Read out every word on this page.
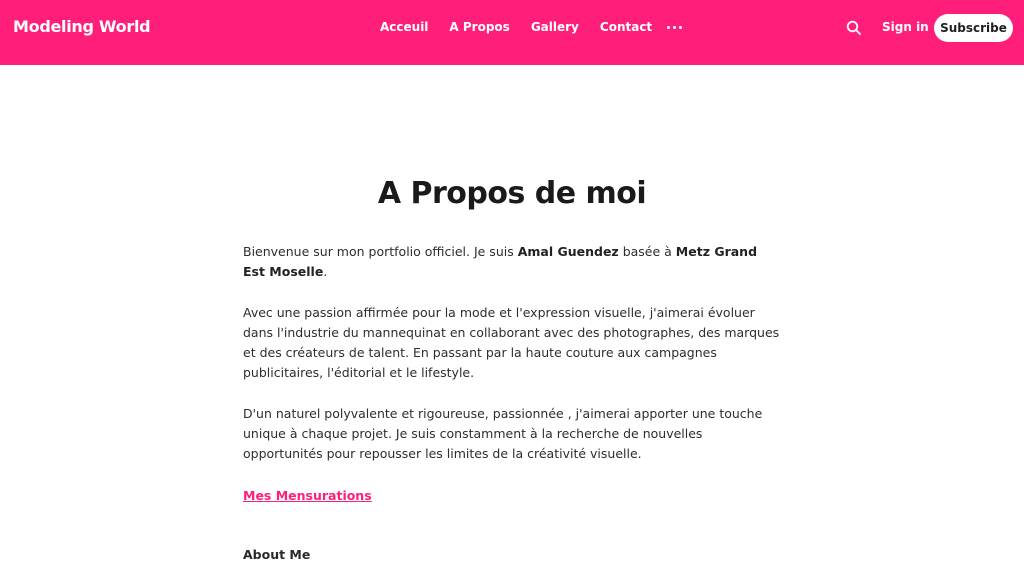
Modeling World	Acceuil A Propos Gallery Contact	Sign in Subscribe
A Propos de moi

Bienvenue sur mon portfolio officiel. Je suis Amal Guendez basée à Metz Grand Est Moselle.

Avec une passion affirmée pour la mode et l'expression visuelle, j'aimerai évoluer dans l'industrie du mannequinat en collaborant avec des photographes, des marques et des créateurs de talent. En passant par la haute couture aux campagnes publicitaires, l'éditorial et le lifestyle.

D'un naturel polyvalente et rigoureuse, passionnée , j'aimerai apporter une touche unique à chaque projet. Je suis constamment à la recherche de nouvelles opportunités pour repousser les limites de la créativité visuelle.

Mes Mensurations
About Me
